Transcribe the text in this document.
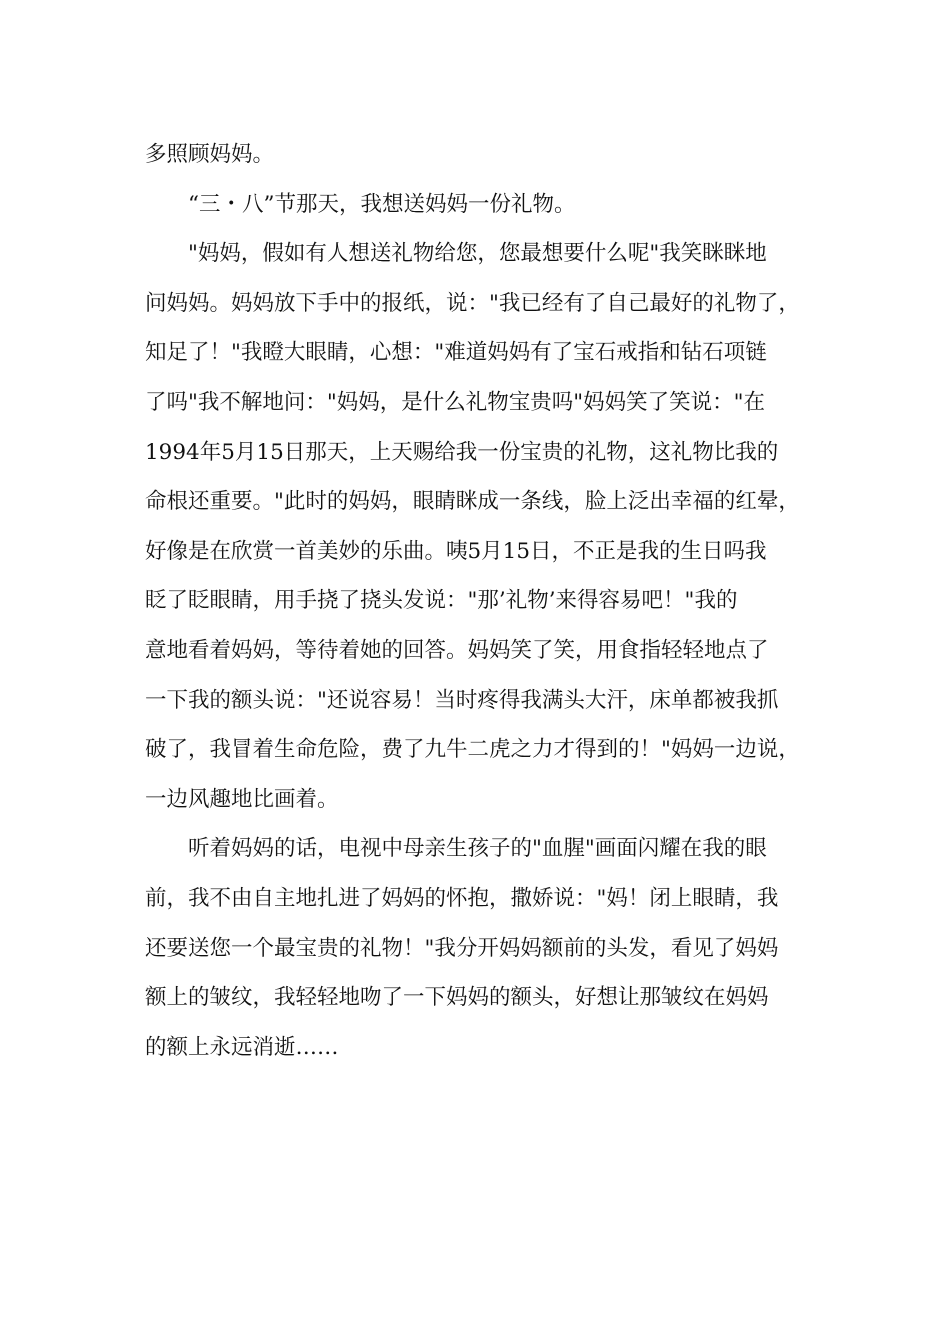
多照顾妈妈。
　　“三・八”节那天，我想送妈妈一份礼物。
　　"妈妈，假如有人想送礼物给您，您最想要什么呢"我笑眯眯地
问妈妈。妈妈放下手中的报纸，说："我已经有了自己最好的礼物了，
知足了！"我瞪大眼睛，心想："难道妈妈有了宝石戒指和钻石项链
了吗"我不解地问："妈妈，是什么礼物宝贵吗"妈妈笑了笑说："在
1994年5月15日那天，上天赐给我一份宝贵的礼物，这礼物比我的
命根还重要。"此时的妈妈，眼睛眯成一条线，脸上泛出幸福的红晕，
好像是在欣赏一首美妙的乐曲。咦5月15日，不正是我的生日吗我
眨了眨眼睛，用手挠了挠头发说："那’礼物’来得容易吧！"我的
意地看着妈妈，等待着她的回答。妈妈笑了笑，用食指轻轻地点了
一下我的额头说："还说容易！当时疼得我满头大汗，床单都被我抓
破了，我冒着生命危险，费了九牛二虎之力才得到的！"妈妈一边说，
一边风趣地比画着。
　　听着妈妈的话，电视中母亲生孩子的"血腥"画面闪耀在我的眼
前，我不由自主地扎进了妈妈的怀抱，撒娇说："妈！闭上眼睛，我
还要送您一个最宝贵的礼物！"我分开妈妈额前的头发，看见了妈妈
额上的皱纹，我轻轻地吻了一下妈妈的额头，好想让那皱纹在妈妈
的额上永远消逝……
